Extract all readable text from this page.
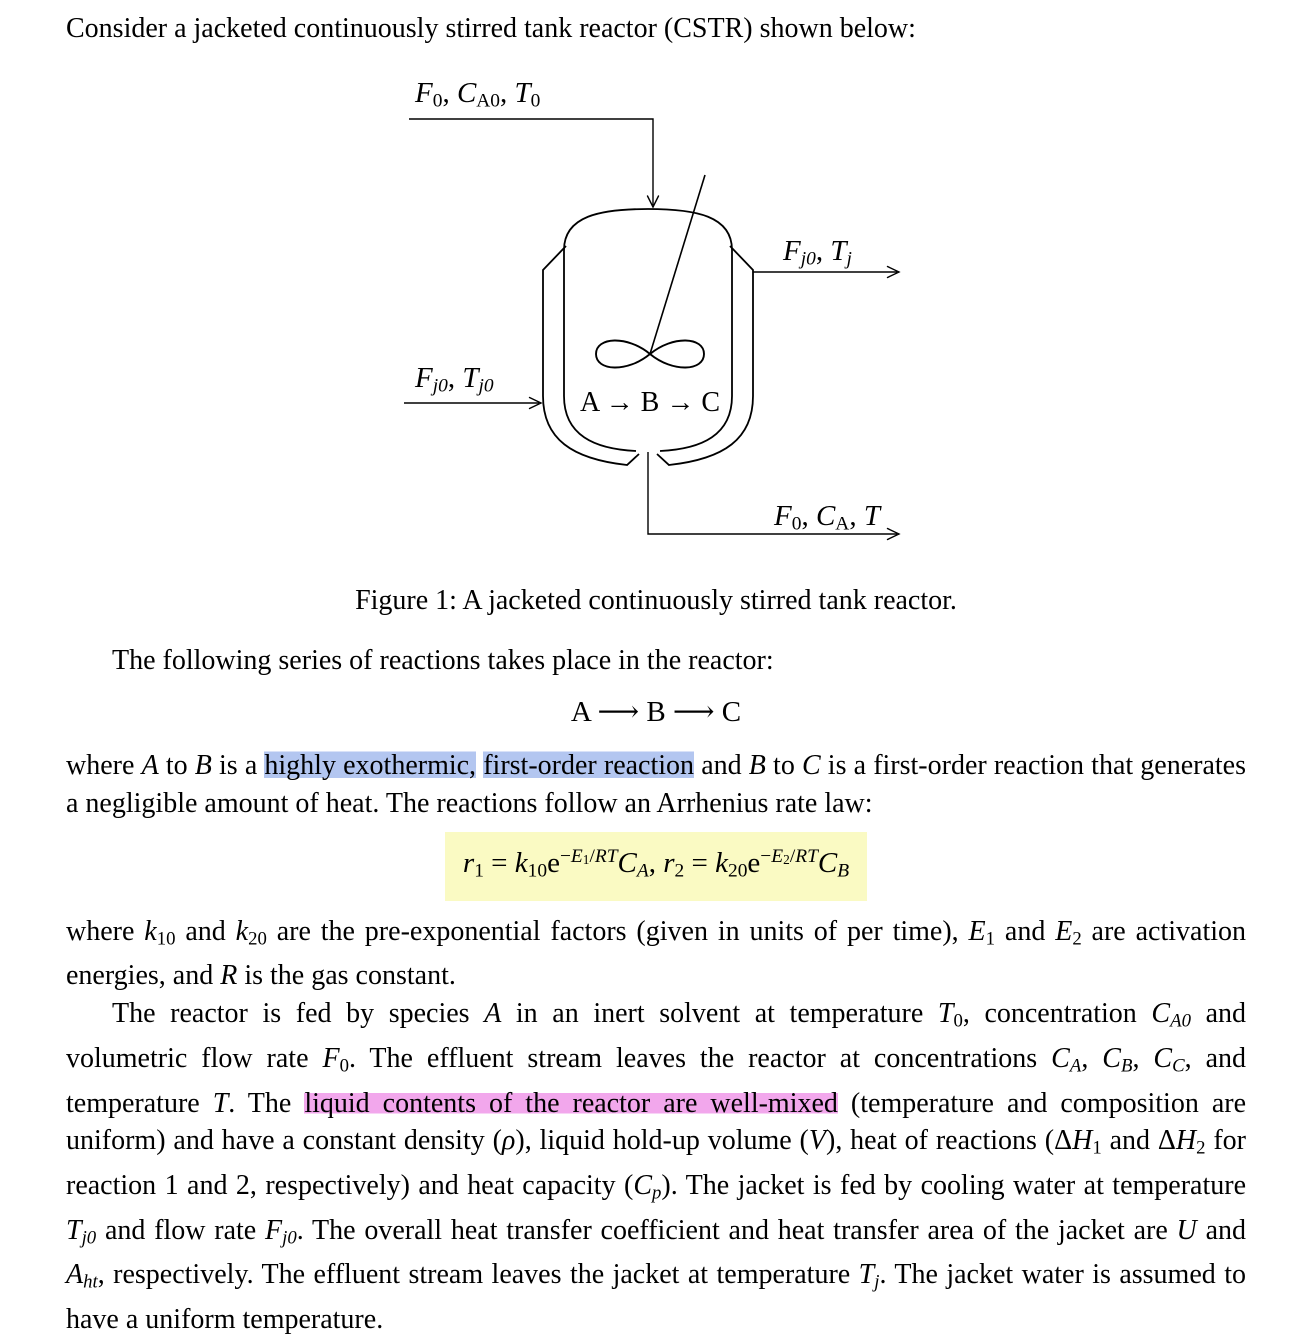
Consider a jacketed continuously stirred tank reactor (CSTR) shown below:

F0, CA0, T0
Fj0, Tj
Fj0, Tj0
F0, CA, T
A → B → C

Figure 1: A jacketed continuously stirred tank reactor.

The following series of reactions takes place in the reactor:

A ⟶ B ⟶ C

where A to B is a highly exothermic, first-order reaction and B to C is a first-order reaction that generates a negligible amount of heat. The reactions follow an Arrhenius rate law:

$r1 = k10e^{-E1/RT}CA$, $r2 = k20e^{-E2/RT}CB$

where k10 and k20 are the pre-exponential factors (given in units of per time), E1 and E2 are activation energies, and R is the gas constant.

The reactor is fed by species A in an inert solvent at temperature T0, concentration CA0 and volumetric flow rate F0. The effluent stream leaves the reactor at concentrations CA, CB, CC, and temperature T. The liquid contents of the reactor are well-mixed (temperature and composition are uniform) and have a constant density (ρ), liquid hold-up volume (V), heat of reactions (ΔH1 and ΔH2 for reaction 1 and 2, respectively) and heat capacity (Cp). The jacket is fed by cooling water at temperature Tj0 and flow rate Fj0. The overall heat transfer coefficient and heat transfer area of the jacket are U and Aht, respectively. The effluent stream leaves the jacket at temperature Tj. The jacket water is assumed to have a uniform temperature.
